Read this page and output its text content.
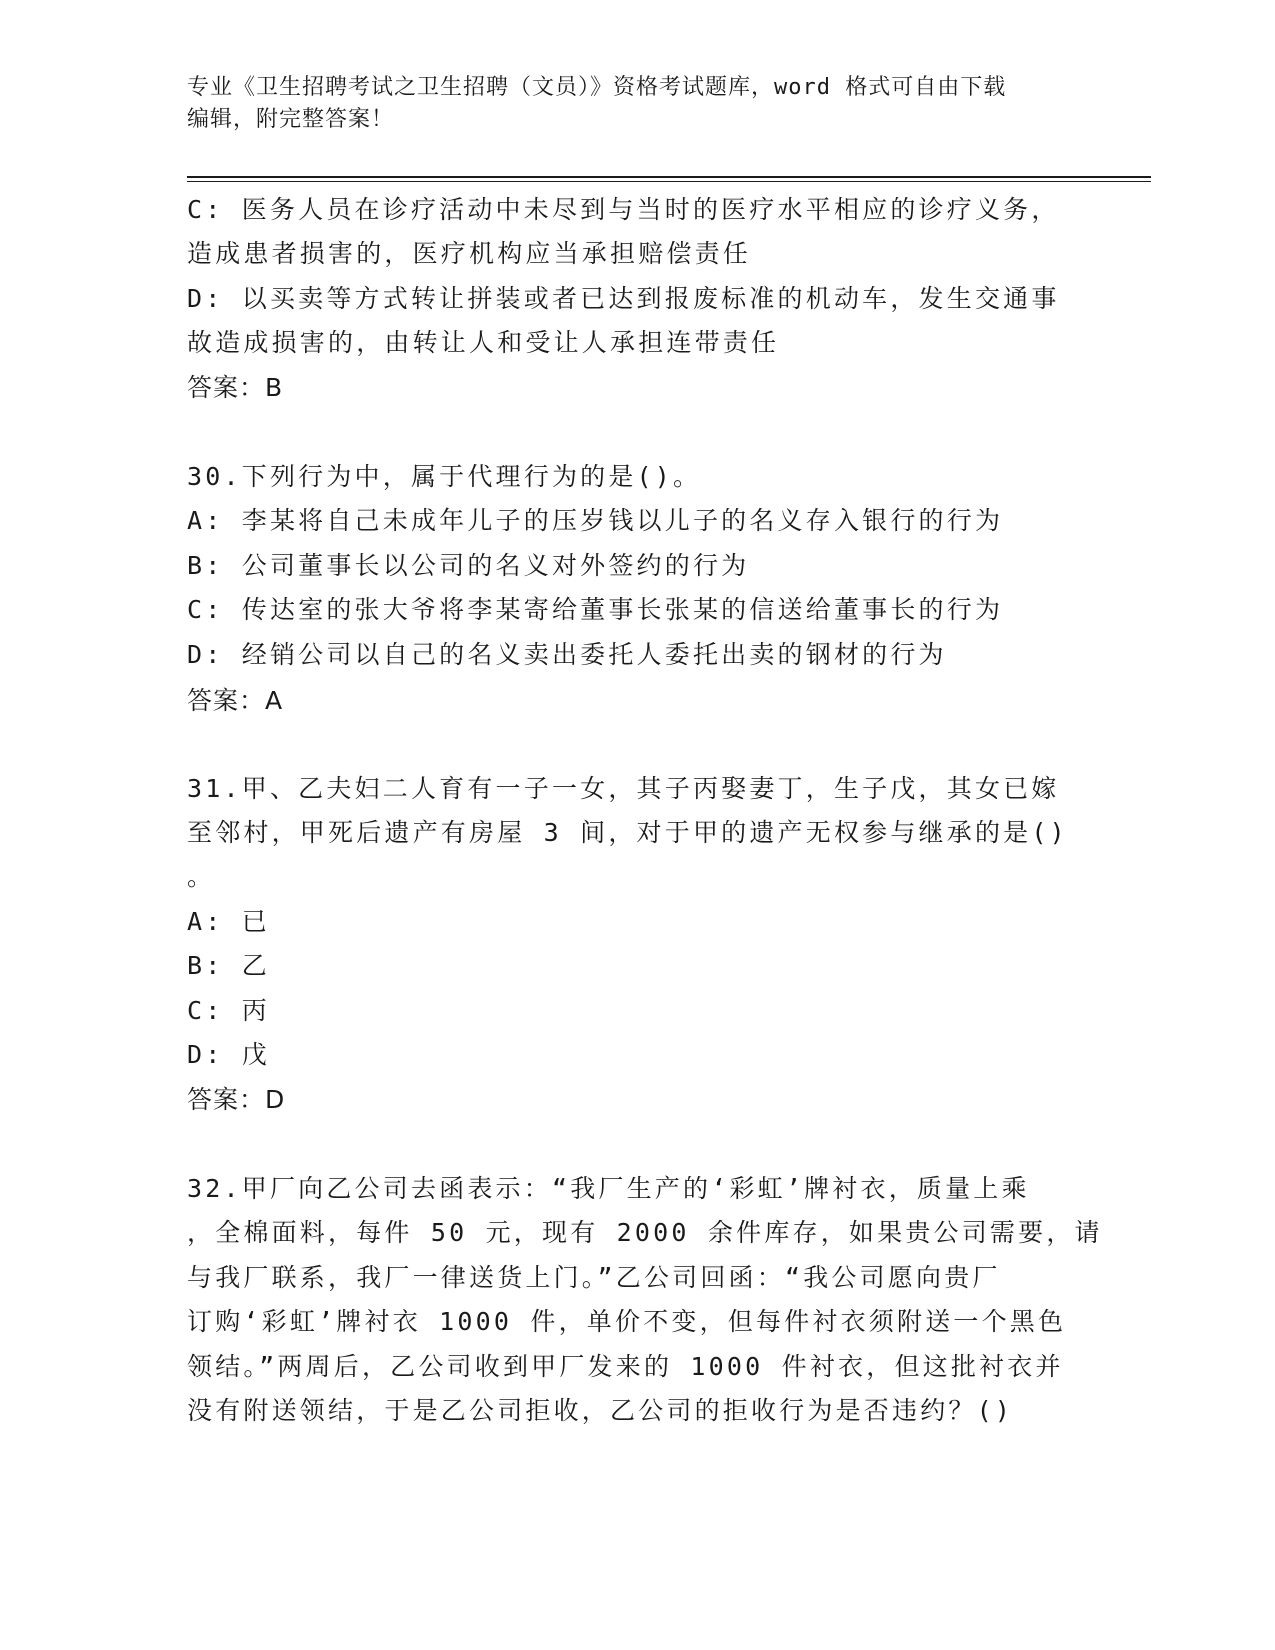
专业《卫生招聘考试之卫生招聘（文员）》资格考试题库，word 格式可自由下载
编辑，附完整答案！
C: 医务人员在诊疗活动中未尽到与当时的医疗水平相应的诊疗义务，
造成患者损害的，医疗机构应当承担赔偿责任
D: 以买卖等方式转让拼装或者已达到报废标准的机动车，发生交通事
故造成损害的，由转让人和受让人承担连带责任
答案：B
30.下列行为中，属于代理行为的是()。
A: 李某将自己未成年儿子的压岁钱以儿子的名义存入银行的行为
B: 公司董事长以公司的名义对外签约的行为
C: 传达室的张大爷将李某寄给董事长张某的信送给董事长的行为
D: 经销公司以自己的名义卖出委托人委托出卖的钢材的行为
答案：A
31.甲、乙夫妇二人育有一子一女，其子丙娶妻丁，生子戊，其女已嫁
至邻村，甲死后遗产有房屋 3 间，对于甲的遗产无权参与继承的是()
。
A: 已
B: 乙
C: 丙
D: 戊
答案：D
32.甲厂向乙公司去函表示：“我厂生产的‘彩虹’牌衬衣，质量上乘
，全棉面料，每件 50 元，现有 2000 余件库存，如果贵公司需要，请
与我厂联系，我厂一律送货上门。”乙公司回函：“我公司愿向贵厂
订购‘彩虹’牌衬衣 1000 件，单价不变，但每件衬衣须附送一个黑色
领结。”两周后，乙公司收到甲厂发来的 1000 件衬衣，但这批衬衣并
没有附送领结，于是乙公司拒收，乙公司的拒收行为是否违约？()
